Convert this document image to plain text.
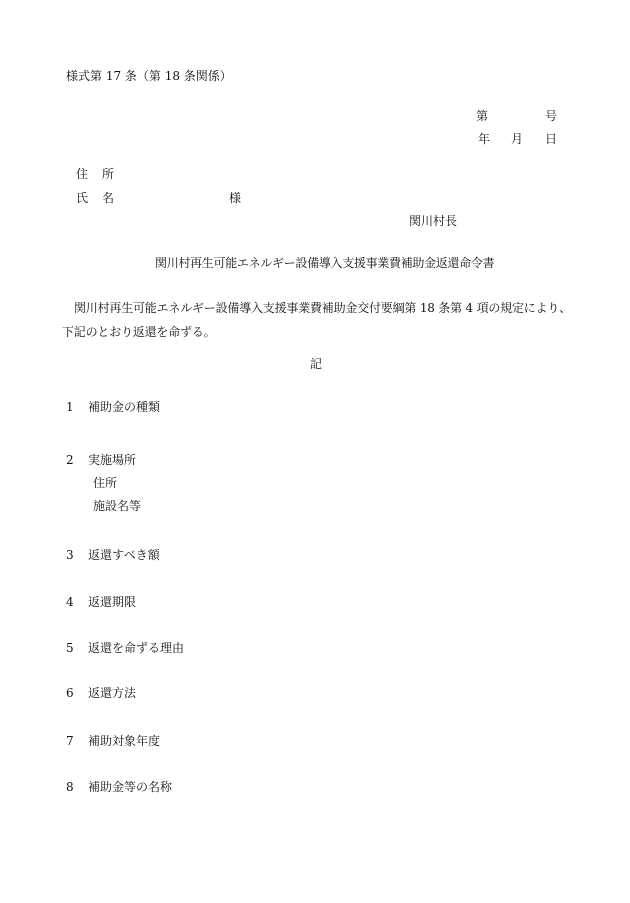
様式第 17 条（第 18 条関係）
第	号
年 月 日
住所
氏名	様
関川村長
関川村再生可能エネルギー設備導入支援事業費補助金返還命令書
関川村再生可能エネルギー設備導入支援事業費補助金交付要綱第 18 条第 4 項の規定により、下記のとおり返還を命ずる。
記
1 補助金の種類
2 実施場所
住所
施設名等
3 返還すべき額
4 返還期限
5 返還を命ずる理由
6 返還方法
7 補助対象年度
8 補助金等の名称
